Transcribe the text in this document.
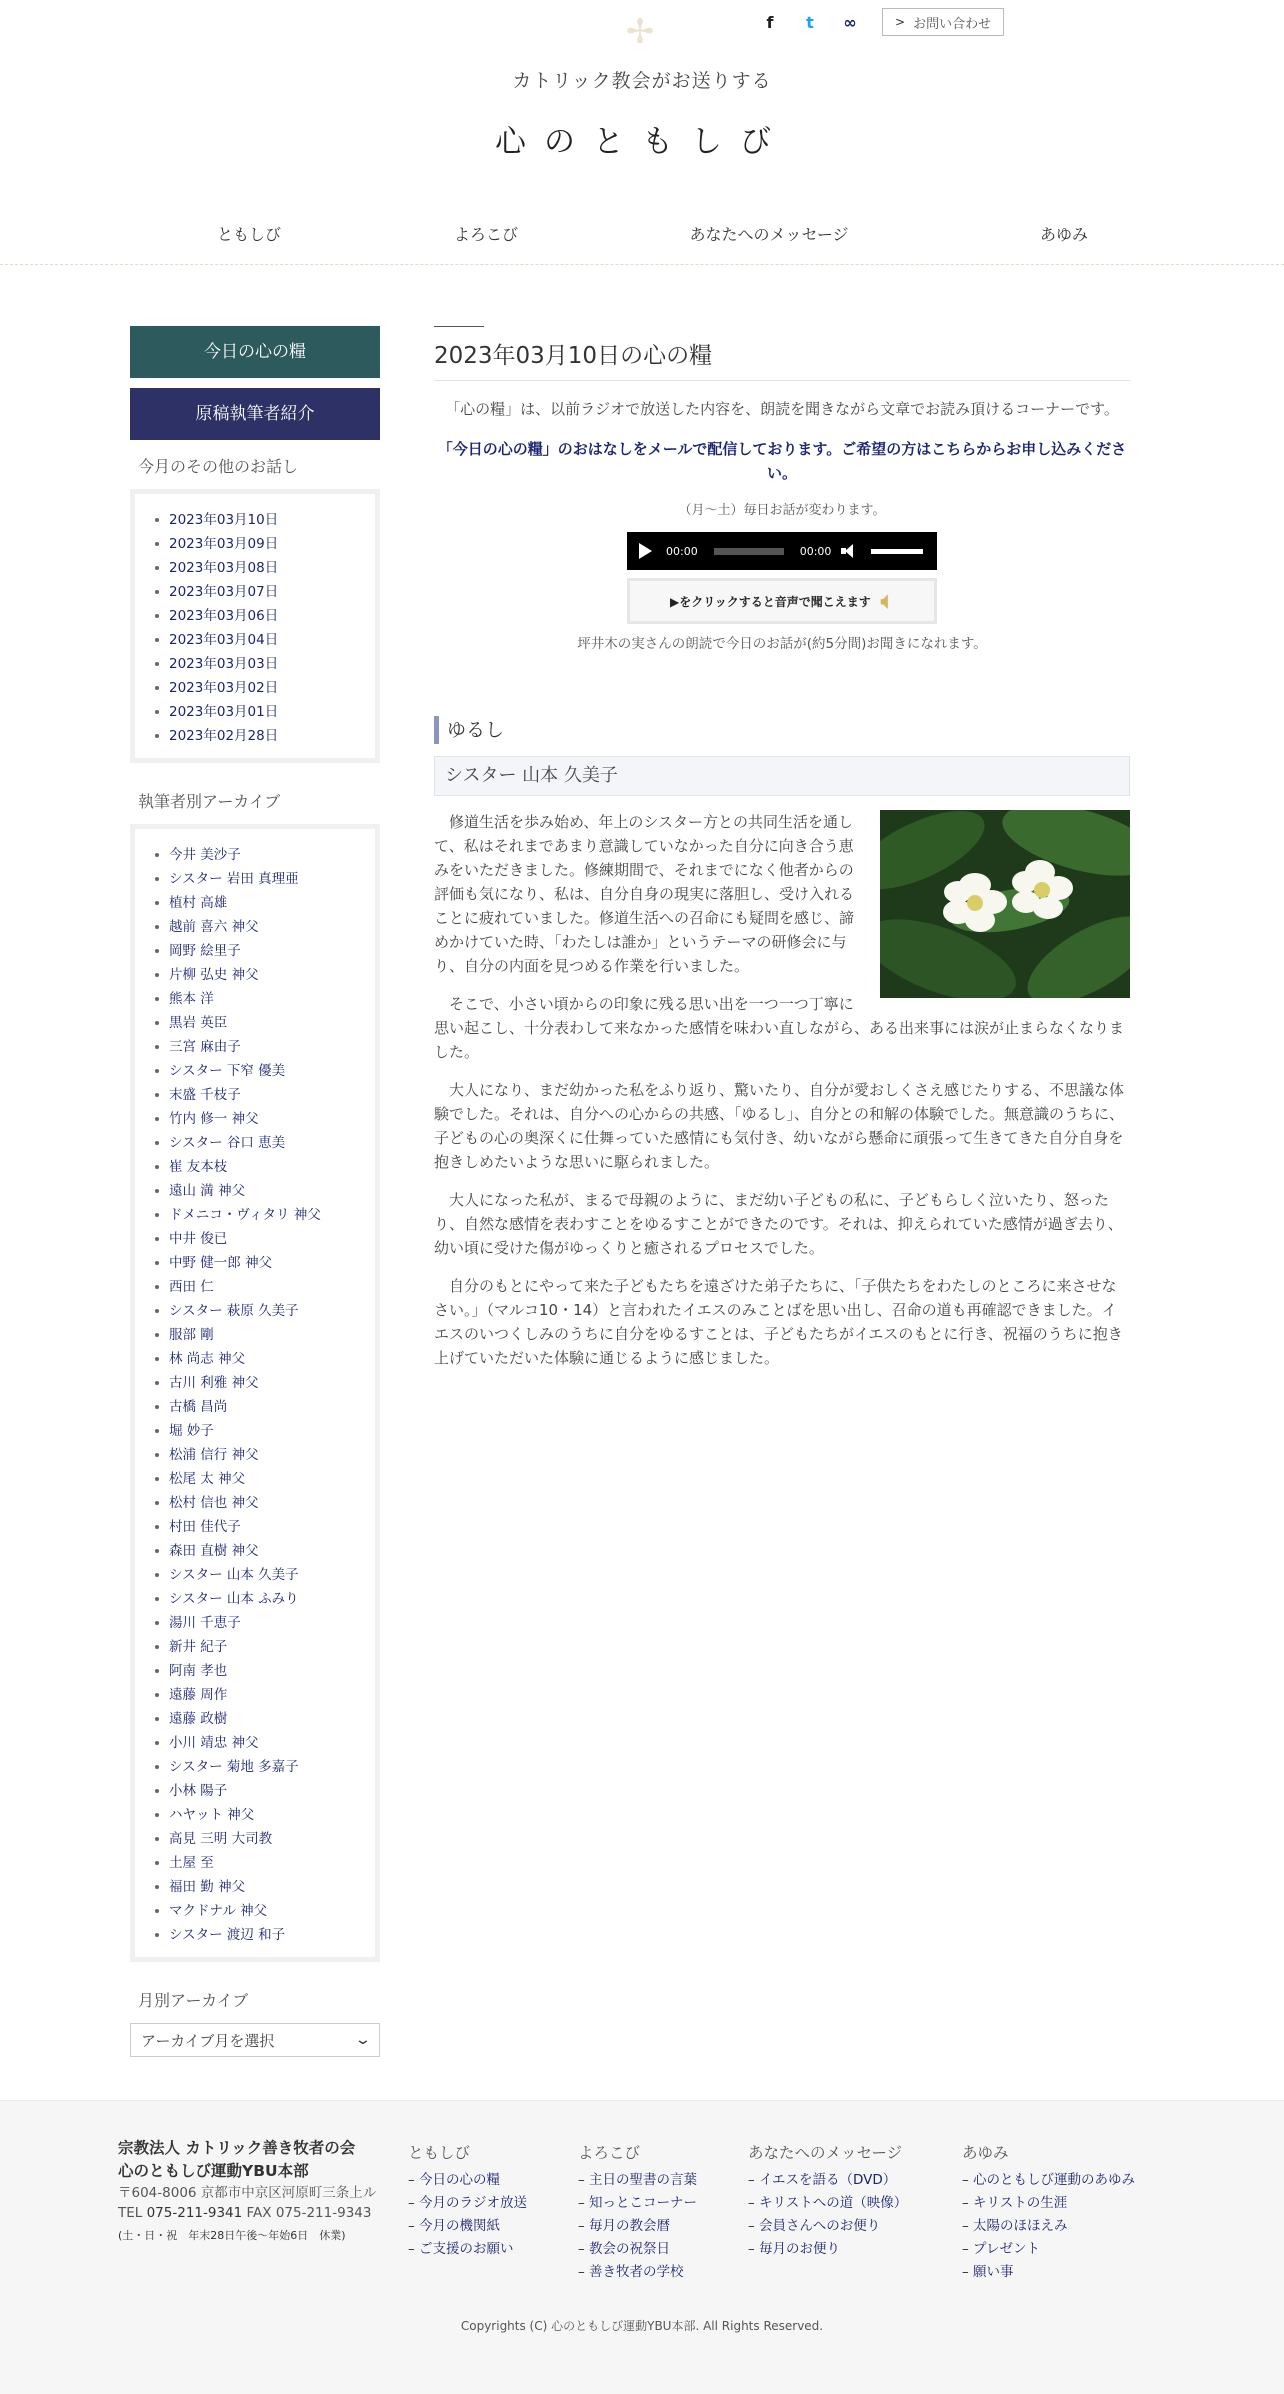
✢	f	t	∞	> お問い合わせ
カトリック教会がお送りする
心のともしび
ともしび	よろこび	あなたへのメッセージ	あゆみ
今日の心の糧
原稿執筆者紹介
今月のその他のお話し
2023年03月10日
2023年03月09日
2023年03月08日
2023年03月07日
2023年03月06日
2023年03月04日
2023年03月03日
2023年03月02日
2023年03月01日
2023年02月28日
執筆者別アーカイブ
今井 美沙子
シスター 岩田 真理亜
植村 高雄
越前 喜六 神父
岡野 絵里子
片柳 弘史 神父
熊本 洋
黒岩 英臣
三宮 麻由子
シスター 下窄 優美
末盛 千枝子
竹内 修一 神父
シスター 谷口 恵美
崔 友本枝
遠山 満 神父
ドメニコ・ヴィタリ 神父
中井 俊已
中野 健一郎 神父
西田 仁
シスター 萩原 久美子
服部 剛
林 尚志 神父
古川 利雅 神父
古橋 昌尚
堀 妙子
松浦 信行 神父
松尾 太 神父
松村 信也 神父
村田 佳代子
森田 直樹 神父
シスター 山本 久美子
シスター 山本 ふみり
湯川 千恵子
新井 紀子
阿南 孝也
遠藤 周作
遠藤 政樹
小川 靖忠 神父
シスター 菊地 多嘉子
小林 陽子
ハヤット 神父
高見 三明 大司教
土屋 至
福田 勤 神父
マクドナル 神父
シスター 渡辺 和子
月別アーカイブ
アーカイブ月を選択	⌄
2023年03月10日の心の糧

「心の糧」は、以前ラジオで放送した内容を、朗読を聞きながら文章でお読み頂けるコーナーです。

「今日の心の糧」のおはなしをメールで配信しております。ご希望の方はこちらからお申し込みください。

（月～土）毎日お話が変わります。

00:00	00:00
▶をクリックすると音声で聞こえます 🔈︎

坪井木の実さんの朗読で今日のお話が(約5分間)お聞きになれます。

ゆるし
シスター 山本 久美子

修道生活を歩み始め、年上のシスター方との共同生活を通して、私はそれまであまり意識していなかった自分に向き合う恵みをいただきました。修練期間で、それまでになく他者からの評価も気になり、私は、自分自身の現実に落胆し、受け入れることに疲れていました。修道生活への召命にも疑問を感じ、諦めかけていた時、「わたしは誰か」というテーマの研修会に与り、自分の内面を見つめる作業を行いました。

そこで、小さい頃からの印象に残る思い出を一つ一つ丁寧に思い起こし、十分表わして来なかった感情を味わい直しながら、ある出来事には涙が止まらなくなりました。

大人になり、まだ幼かった私をふり返り、驚いたり、自分が愛おしくさえ感じたりする、不思議な体験でした。それは、自分への心からの共感、「ゆるし」、自分との和解の体験でした。無意識のうちに、子どもの心の奥深くに仕舞っていた感情にも気付き、幼いながら懸命に頑張って生きてきた自分自身を抱きしめたいような思いに駆られました。

大人になった私が、まるで母親のように、まだ幼い子どもの私に、子どもらしく泣いたり、怒ったり、自然な感情を表わすことをゆるすことができたのです。それは、抑えられていた感情が過ぎ去り、幼い頃に受けた傷がゆっくりと癒されるプロセスでした。

自分のもとにやって来た子どもたちを遠ざけた弟子たちに、「子供たちをわたしのところに来させなさい。」（マルコ10・14）と言われたイエスのみことばを思い出し、召命の道も再確認できました。イエスのいつくしみのうちに自分をゆるすことは、子どもたちがイエスのもとに行き、祝福のうちに抱き上げていただいた体験に通じるように感じました。

宗教法人 カトリック善き牧者の会
心のともしび運動YBU本部
〒604-8006 京都市中京区河原町三条上ル
TEL 075-211-9341 FAX 075-211-9343
(土・日・祝　年末28日午後〜年始6日　休業)
ともしび
– 今日の心の糧
– 今月のラジオ放送
– 今月の機関紙
– ご支援のお願い
よろこび
– 主日の聖書の言葉
– 知っとこコーナー
– 毎月の教会暦
– 教会の祝祭日
– 善き牧者の学校
あなたへのメッセージ
– イエスを語る（DVD）
– キリストへの道（映像）
– 会員さんへのお便り
– 毎月のお便り
あゆみ
– 心のともしび運動のあゆみ
– キリストの生涯
– 太陽のほほえみ
– プレゼント
– 願い事
Copyrights (C) 心のともしび運動YBU本部. All Rights Reserved.
